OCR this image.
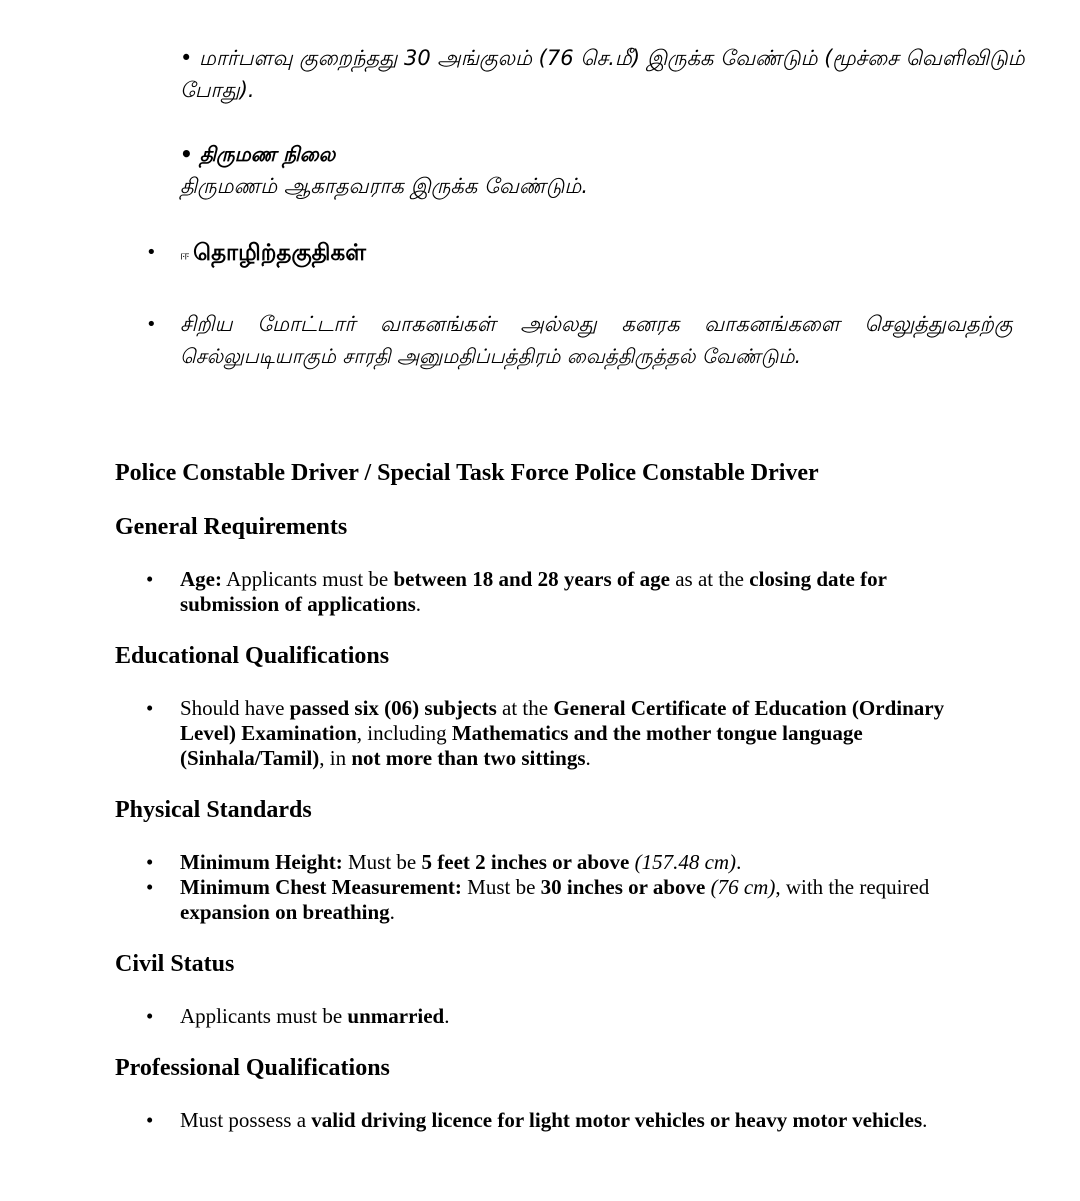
• மார்பளவு குறைந்தது 30 அங்குலம் (76 செ.மீ) இருக்க வேண்டும் (மூச்சை வெளிவிடும்
போது).
• திருமண நிலை
திருமணம் ஆகாதவராக இருக்க வேண்டும்.
• ஈ தொழிற்தகுதிகள்
• சிறிய மோட்டார் வாகனங்கள் அல்லது கனரக வாகனங்களை செலுத்துவதற்கு
செல்லுபடியாகும் சாரதி அனுமதிப்பத்திரம் வைத்திருத்தல் வேண்டும்.
Police Constable Driver / Special Task Force Police Constable Driver
General Requirements
• Age: Applicants must be between 18 and 28 years of age as at the closing date for submission of applications.
Educational Qualifications
• Should have passed six (06) subjects at the General Certificate of Education (Ordinary Level) Examination, including Mathematics and the mother tongue language (Sinhala/Tamil), in not more than two sittings.
Physical Standards
• Minimum Height: Must be 5 feet 2 inches or above (157.48 cm).
• Minimum Chest Measurement: Must be 30 inches or above (76 cm), with the required expansion on breathing.
Civil Status
• Applicants must be unmarried.
Professional Qualifications
• Must possess a valid driving licence for light motor vehicles or heavy motor vehicles.
